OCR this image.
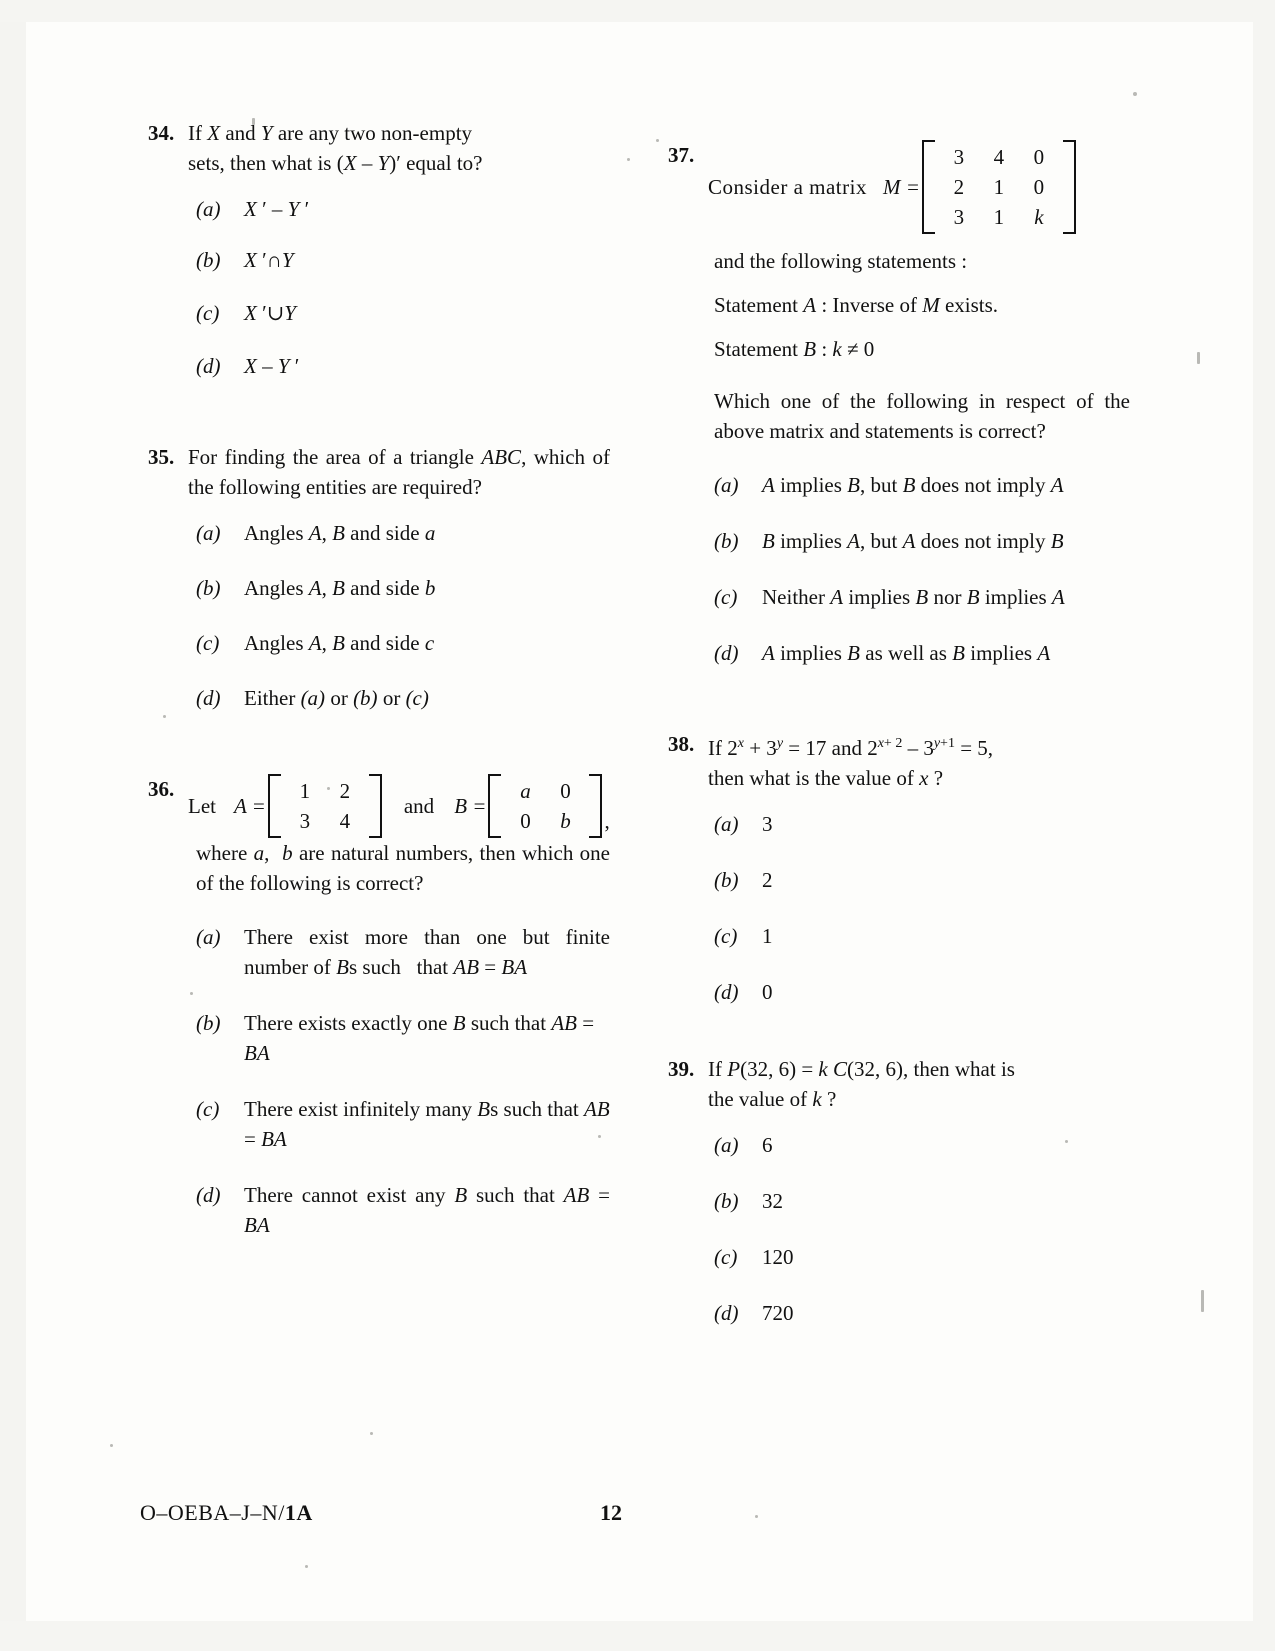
34. If X and Y are any two non-empty
sets, then what is (X – Y)′ equal to?
(a)	X ′ – Y ′
(b)	X ′∩Y
(c)	X ′∪Y
(d)	X – Y ′
35. For finding the area of a triangle ABC, which of the following entities are required?
(a)	Angles A, B and side a
(b)	Angles A, B and side b
(c)	Angles A, B and side c
(d)	Either (a) or (b) or (c)
36.
Let A =
1	2
3	4
and B =
a	0
0	b	,
where a,  b are natural numbers, then which one of the following is correct?
(a)	There exist more than one but finite number of Bs such   that AB = BA
(b)	There exists exactly one B such that AB = BA
(c)	There exist infinitely many Bs such that AB = BA
(d)	There cannot exist any B such that AB = BA
37.
Consider a matrix M =
3	4	0
2	1	0
3	1	k
and the following statements :
Statement A : Inverse of M exists.
Statement B : k ≠ 0
Which one of the following in respect of the above matrix and statements is correct?
(a)	A implies B, but B does not imply A
(b)	B implies A, but A does not imply B
(c)	Neither A implies B nor B implies A
(d)	A implies B as well as B implies A
38. If $2^x + 3^y = 17$ and $2^{x+ 2} - 3^{y+1} = 5$,
then what is the value of x ?
(a)	3
(b)	2
(c)	1
(d)	0
39. If P(32, 6) = k C(32, 6), then what is
the value of k ?
(a)	6
(b)	32
(c)	120
(d)	720
O–OEBA–J–N/1A	12
